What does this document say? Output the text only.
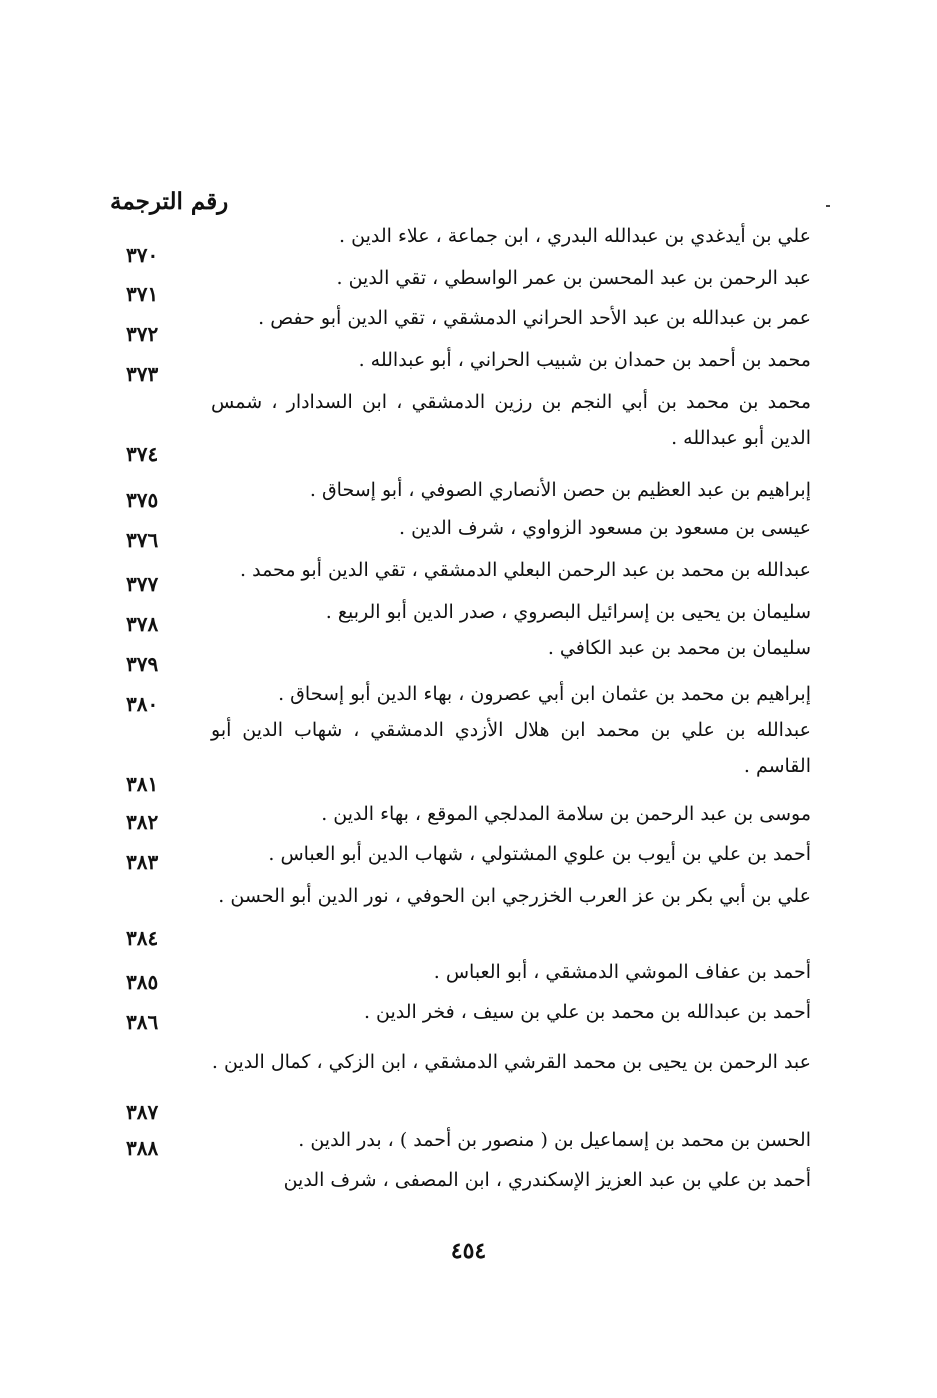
رقم الترجمة
علي بن أيدغدي بن عبدالله البدري ، ابن جماعة ، علاء الدين .
٣٧٠
عبد الرحمن بن عبد المحسن بن عمر الواسطي ، تقي الدين .
٣٧١
عمر بن عبدالله بن عبد الأحد الحراني الدمشقي ، تقي الدين أبو حفص .
٣٧٢
محمد بن أحمد بن حمدان بن شبيب الحراني ، أبو عبدالله .
٣٧٣
محمد بن محمد بن أبي النجم بن رزين الدمشقي ، ابن السدادار ، شمس الدين أبو عبدالله .
٣٧٤
إبراهيم بن عبد العظيم بن حصن الأنصاري الصوفي ، أبو إسحاق .
٣٧٥
عيسى بن مسعود بن مسعود الزواوي ، شرف الدين .
٣٧٦
عبدالله بن محمد بن عبد الرحمن البعلي الدمشقي ، تقي الدين أبو محمد .
٣٧٧
سليمان بن يحيى بن إسرائيل البصروي ، صدر الدين أبو الربيع .
٣٧٨
سليمان بن محمد بن عبد الكافي .
٣٧٩
إبراهيم بن محمد بن عثمان ابن أبي عصرون ، بهاء الدين أبو إسحاق .
٣٨٠
عبدالله بن علي بن محمد ابن هلال الأزدي الدمشقي ، شهاب الدين أبو القاسم .
٣٨١
موسى بن عبد الرحمن بن سلامة المدلجي الموقع ، بهاء الدين .
٣٨٢
أحمد بن علي بن أيوب بن علوي المشتولي ، شهاب الدين أبو العباس .
٣٨٣
علي بن أبي بكر بن عز العرب الخزرجي ابن الحوفي ، نور الدين أبو الحسن .
٣٨٤
أحمد بن عفاف الموشي الدمشقي ، أبو العباس .
٣٨٥
أحمد بن عبدالله بن محمد بن علي بن سيف ، فخر الدين .
٣٨٦
عبد الرحمن بن يحيى بن محمد القرشي الدمشقي ، ابن الزكي ، كمال الدين .
٣٨٧
الحسن بن محمد بن إسماعيل بن ( منصور بن أحمد ) ، بدر الدين .
٣٨٨
أحمد بن علي بن عبد العزيز الإسكندري ، ابن المصفى ، شرف الدين
٤٥٤
